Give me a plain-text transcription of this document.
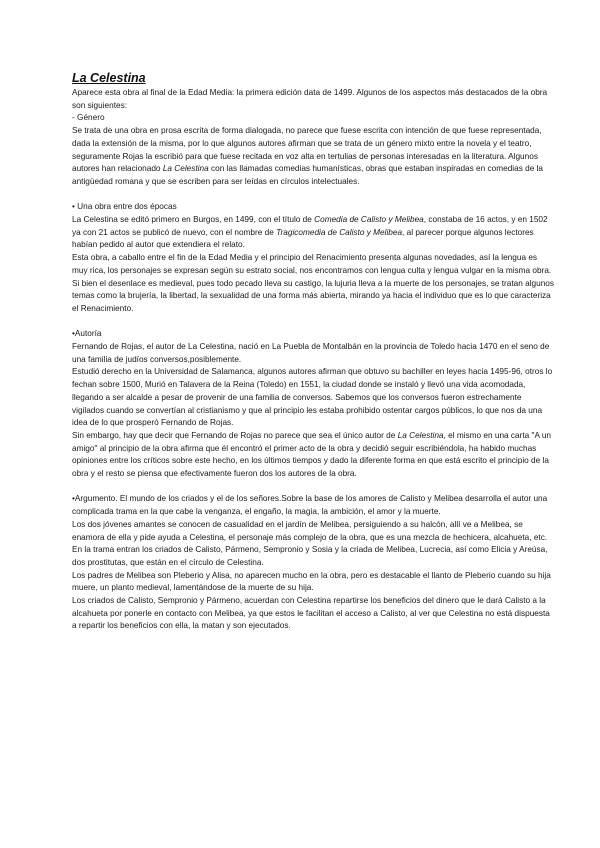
La Celestina

Aparece esta obra al final de la Edad Media: la primera edición data de 1499. Algunos de los aspectos más destacados de la obra son siguientes:

- Género

Se trata de una obra en prosa escrita de forma dialogada, no parece que fuese escrita con intención de que fuese representada, dada la extensión de la misma, por lo que algunos autores afirman que se trata de un género mixto entre la novela y el teatro, seguramente Rojas la escribió para que fuese recitada en voz alta en tertulias de personas interesadas en la literatura. Algunos autores han relacionado La Celestina con las llamadas comedias humanísticas, obras que estaban inspiradas en comedias de la antigüedad romana y que se escriben para ser leídas en círculos intelectuales.

• Una obra entre dos épocas

La Celestina se editó primero en Burgos, en 1499, con el título de Comedia de Calisto y Melibea, constaba de 16 actos, y en 1502 ya con 21 actos se publicó de nuevo, con el nombre de Tragicomedia de Calisto y Melibea, al parecer porque algunos lectores habían pedido al autor que extendiera el relato.

Esta obra, a caballo entre el fin de la Edad Media y el principio del Renacimiento presenta algunas novedades, así la lengua es muy rica, los personajes se expresan según su estrato social, nos encontramos con lengua culta y lengua vulgar en la misma obra.

Si bien el desenlace es medieval, pues todo pecado lleva su castigo, la lujuria lleva a la muerte de los personajes, se tratan algunos temas como la brujería, la libertad, la sexualidad de una forma más abierta, mirando ya hacia el individuo que es lo que caracteriza el Renacimiento.

•Autoría

Fernando de Rojas, el autor de La Celestina, nació en La Puebla de Montalbán en la provincia de Toledo hacia 1470 en el seno de una familia de judíos conversos,posiblemente.

Estudió derecho en la Universidad de Salamanca, algunos autores afirman que obtuvo su bachiller en leyes hacia 1495-96, otros lo fechan sobre 1500, Murió en Talavera de la Reina (Toledo) en 1551, la ciudad donde se instaló y llevó una vida acomodada, llegando a ser alcalde a pesar de provenir de una familia de conversos. Sabemos que los conversos fueron estrechamente vigilados cuando se convertían al cristianismo y que al principio les estaba prohibido ostentar cargos públicos, lo que nos da una idea de lo que prosperó Fernando de Rojas.

Sin embargo, hay que decir que Fernando de Rojas no parece que sea el único autor de La Celestina, el mismo en una carta "A un amigo" al principio de la obra afirma que él encontró el primer acto de la obra y decidió seguir escribiéndola, ha habido muchas opiniones entre los críticos sobre este hecho, en los últimos tiempos y dado la diferente forma en que está escrito el principio de la obra y el resto se piensa que efectivamente fueron dos los autores de la obra.

•Argumento. El mundo de los criados y el de los señores.Sobre la base de los amores de Calisto y Melibea desarrolla el autor una complicada trama en la que cabe la venganza, el engaño, la magia, la ambición, el amor y la muerte.

Los dos jóvenes amantes se conocen de casualidad en el jardín de Melibea, persiguiendo a su halcón, allí ve a Melibea, se enamora de ella y pide ayuda a Celestina, el personaje más complejo de la obra, que es una mezcla de hechicera, alcahueta, etc. En la trama entran los criados de Calisto, Pármeno, Sempronio y Sosia y la criada de Melibea, Lucrecia, así como Elicia y Areúsa, dos prostitutas, que están en el círculo de Celestina.

Los padres de Melibea son Pleberio y Alisa, no aparecen mucho en la obra, pero es destacable el llanto de Pleberio cuando su hija muere, un planto medieval, lamentándose de la muerte de su hija.

Los criados de Calisto, Sempronio y Pármeno, acuerdan con Celestina repartirse los beneficios del dinero que le dará Calisto a la alcahueta por ponerle en contacto con Melibea, ya que estos le facilitan el acceso a Calisto, al ver que Celestina no está dispuesta a repartir los beneficios con ella, la matan y son ejecutados.
